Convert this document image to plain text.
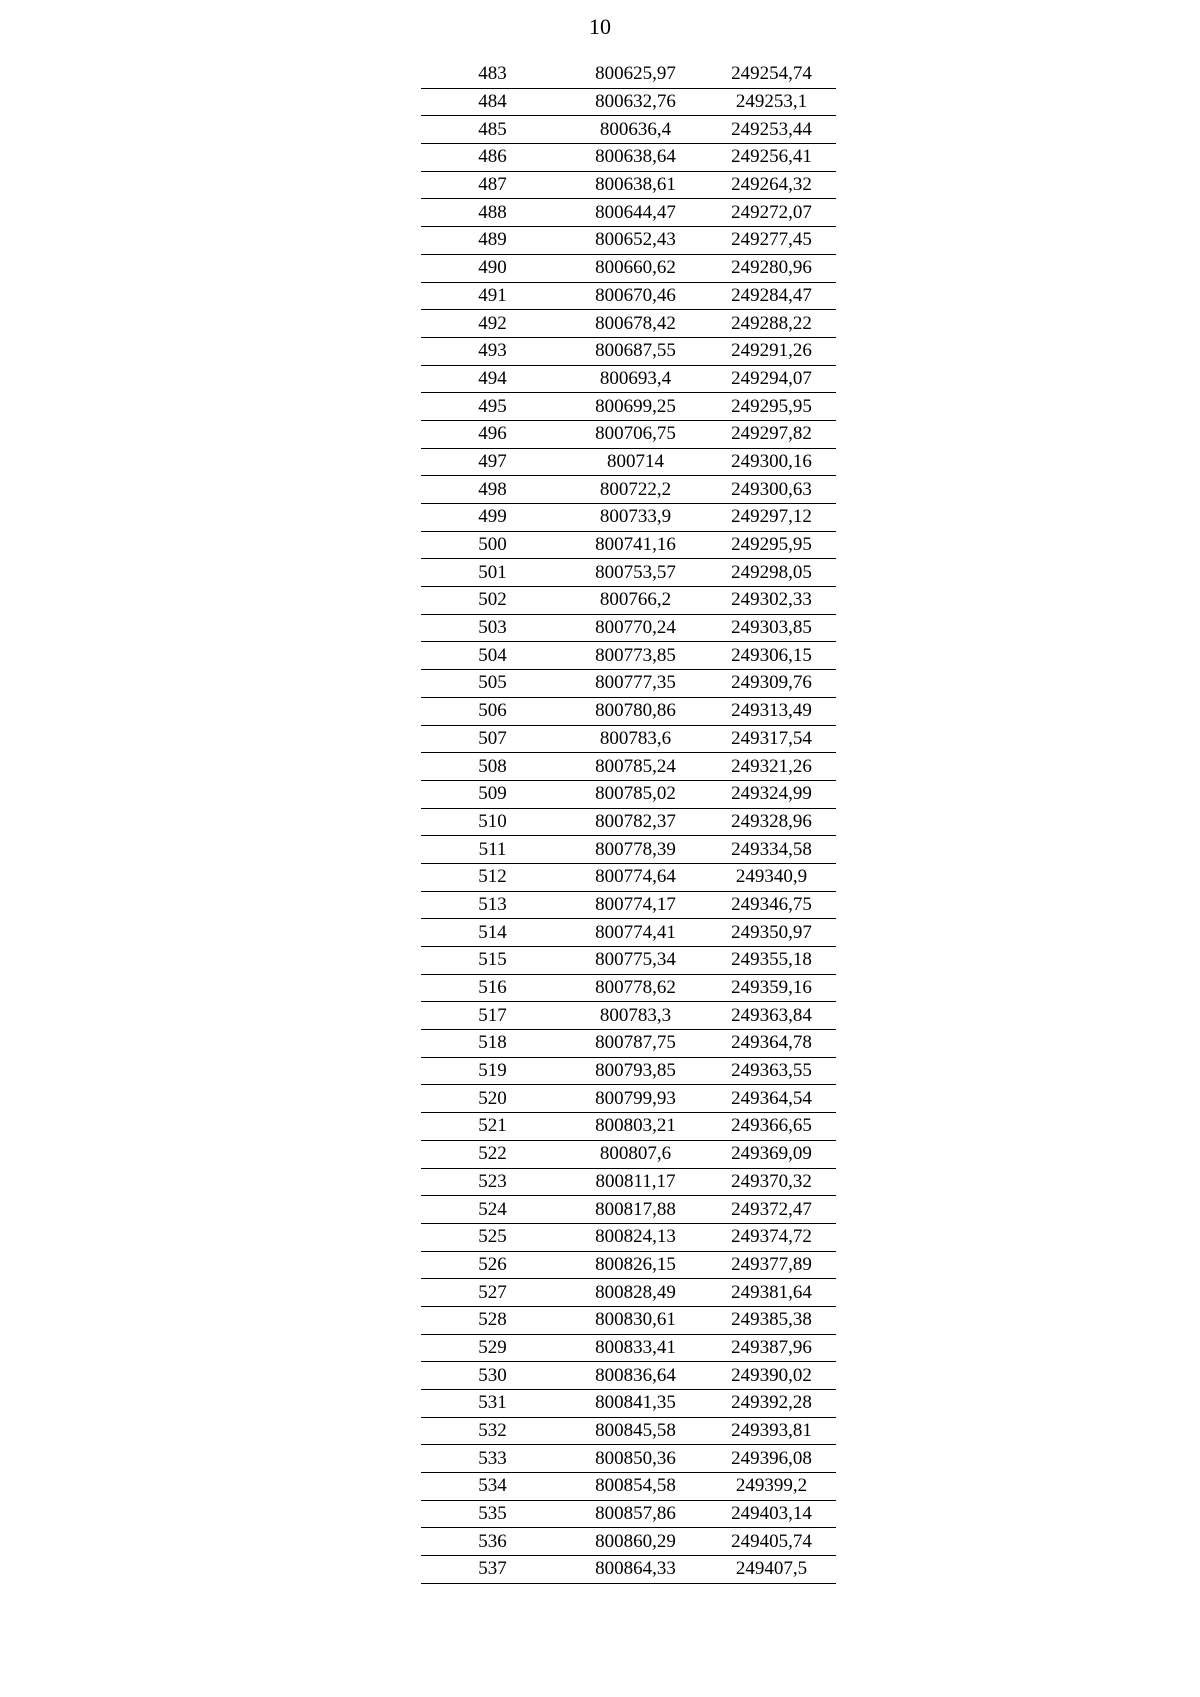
10
483	800625,97	249254,74
484	800632,76	249253,1
485	800636,4	249253,44
486	800638,64	249256,41
487	800638,61	249264,32
488	800644,47	249272,07
489	800652,43	249277,45
490	800660,62	249280,96
491	800670,46	249284,47
492	800678,42	249288,22
493	800687,55	249291,26
494	800693,4	249294,07
495	800699,25	249295,95
496	800706,75	249297,82
497	800714	249300,16
498	800722,2	249300,63
499	800733,9	249297,12
500	800741,16	249295,95
501	800753,57	249298,05
502	800766,2	249302,33
503	800770,24	249303,85
504	800773,85	249306,15
505	800777,35	249309,76
506	800780,86	249313,49
507	800783,6	249317,54
508	800785,24	249321,26
509	800785,02	249324,99
510	800782,37	249328,96
511	800778,39	249334,58
512	800774,64	249340,9
513	800774,17	249346,75
514	800774,41	249350,97
515	800775,34	249355,18
516	800778,62	249359,16
517	800783,3	249363,84
518	800787,75	249364,78
519	800793,85	249363,55
520	800799,93	249364,54
521	800803,21	249366,65
522	800807,6	249369,09
523	800811,17	249370,32
524	800817,88	249372,47
525	800824,13	249374,72
526	800826,15	249377,89
527	800828,49	249381,64
528	800830,61	249385,38
529	800833,41	249387,96
530	800836,64	249390,02
531	800841,35	249392,28
532	800845,58	249393,81
533	800850,36	249396,08
534	800854,58	249399,2
535	800857,86	249403,14
536	800860,29	249405,74
537	800864,33	249407,5
